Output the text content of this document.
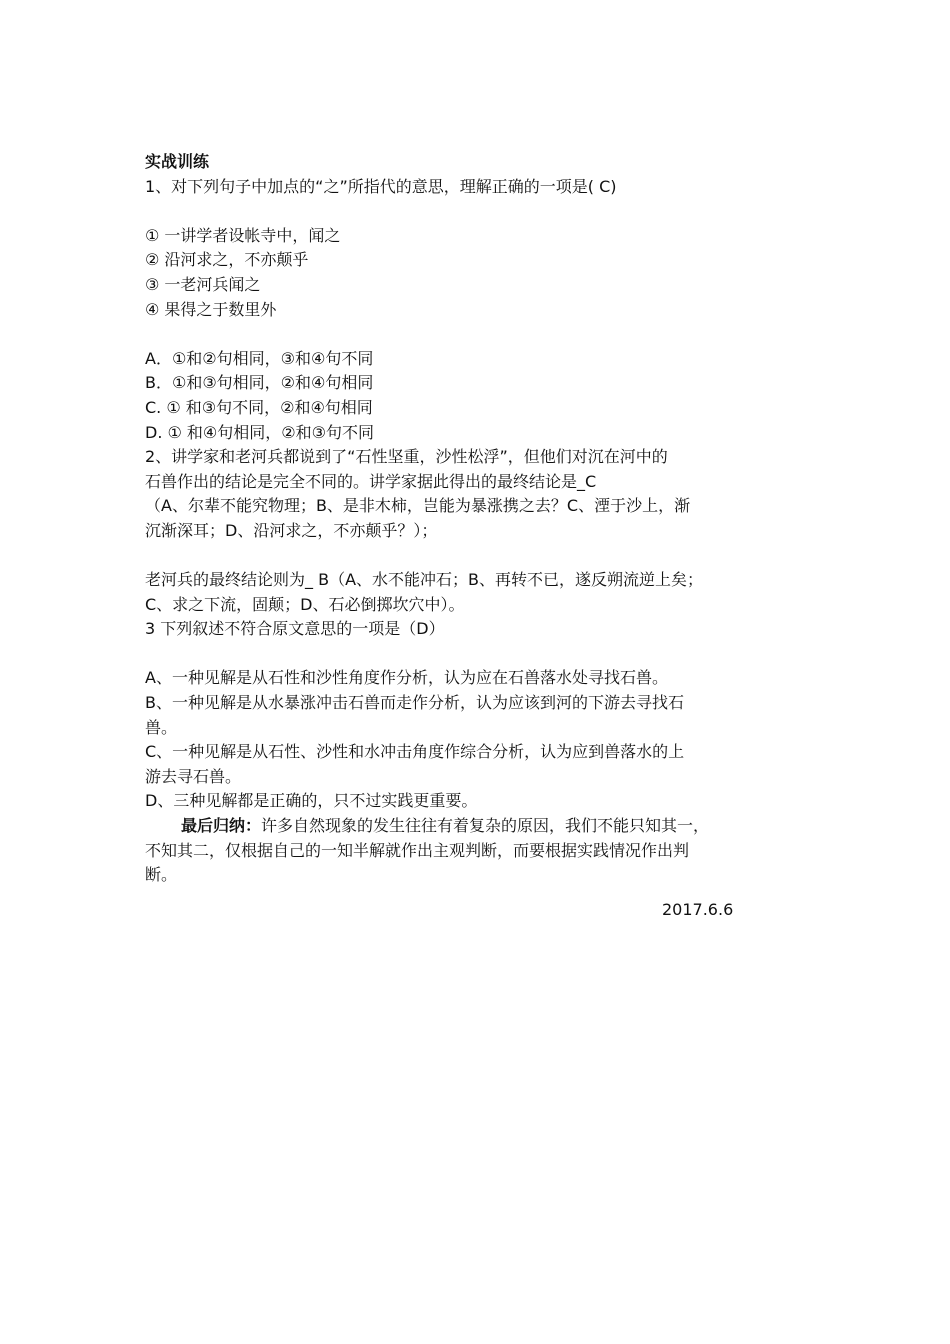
实战训练
1、对下列句子中加点的“之”所指代的意思，理解正确的一项是( C)
① 一讲学者设帐寺中，闻之
② 沿河求之，不亦颠乎
③ 一老河兵闻之
④ 果得之于数里外
A．①和②句相同，③和④句不同
B．①和③句相同，②和④句相同
C. ① 和③句不同，②和④句相同
D. ① 和④句相同，②和③句不同
2、讲学家和老河兵都说到了“石性坚重，沙性松浮”，但他们对沉在河中的
石兽作出的结论是完全不同的。讲学家据此得出的最终结论是_C
（A、尔辈不能究物理；B、是非木柿，岂能为暴涨携之去？C、湮于沙上，渐
沉渐深耳；D、沿河求之，不亦颠乎？）；
老河兵的最终结论则为_ B（A、水不能冲石；B、再转不已，遂反朔流逆上矣；
C、求之下流，固颠；D、石必倒掷坎穴中）。
3 下列叙述不符合原文意思的一项是（D）
A、一种见解是从石性和沙性角度作分析，认为应在石兽落水处寻找石兽。
B、一种见解是从水暴涨冲击石兽而走作分析，认为应该到河的下游去寻找石
兽。
C、一种见解是从石性、沙性和水冲击角度作综合分析，认为应到兽落水的上
游去寻石兽。
D、三种见解都是正确的，只不过实践更重要。
最后归纳：许多自然现象的发生往往有着复杂的原因，我们不能只知其一，
不知其二，仅根据自己的一知半解就作出主观判断，而要根据实践情况作出判
断。
2017.6.6
